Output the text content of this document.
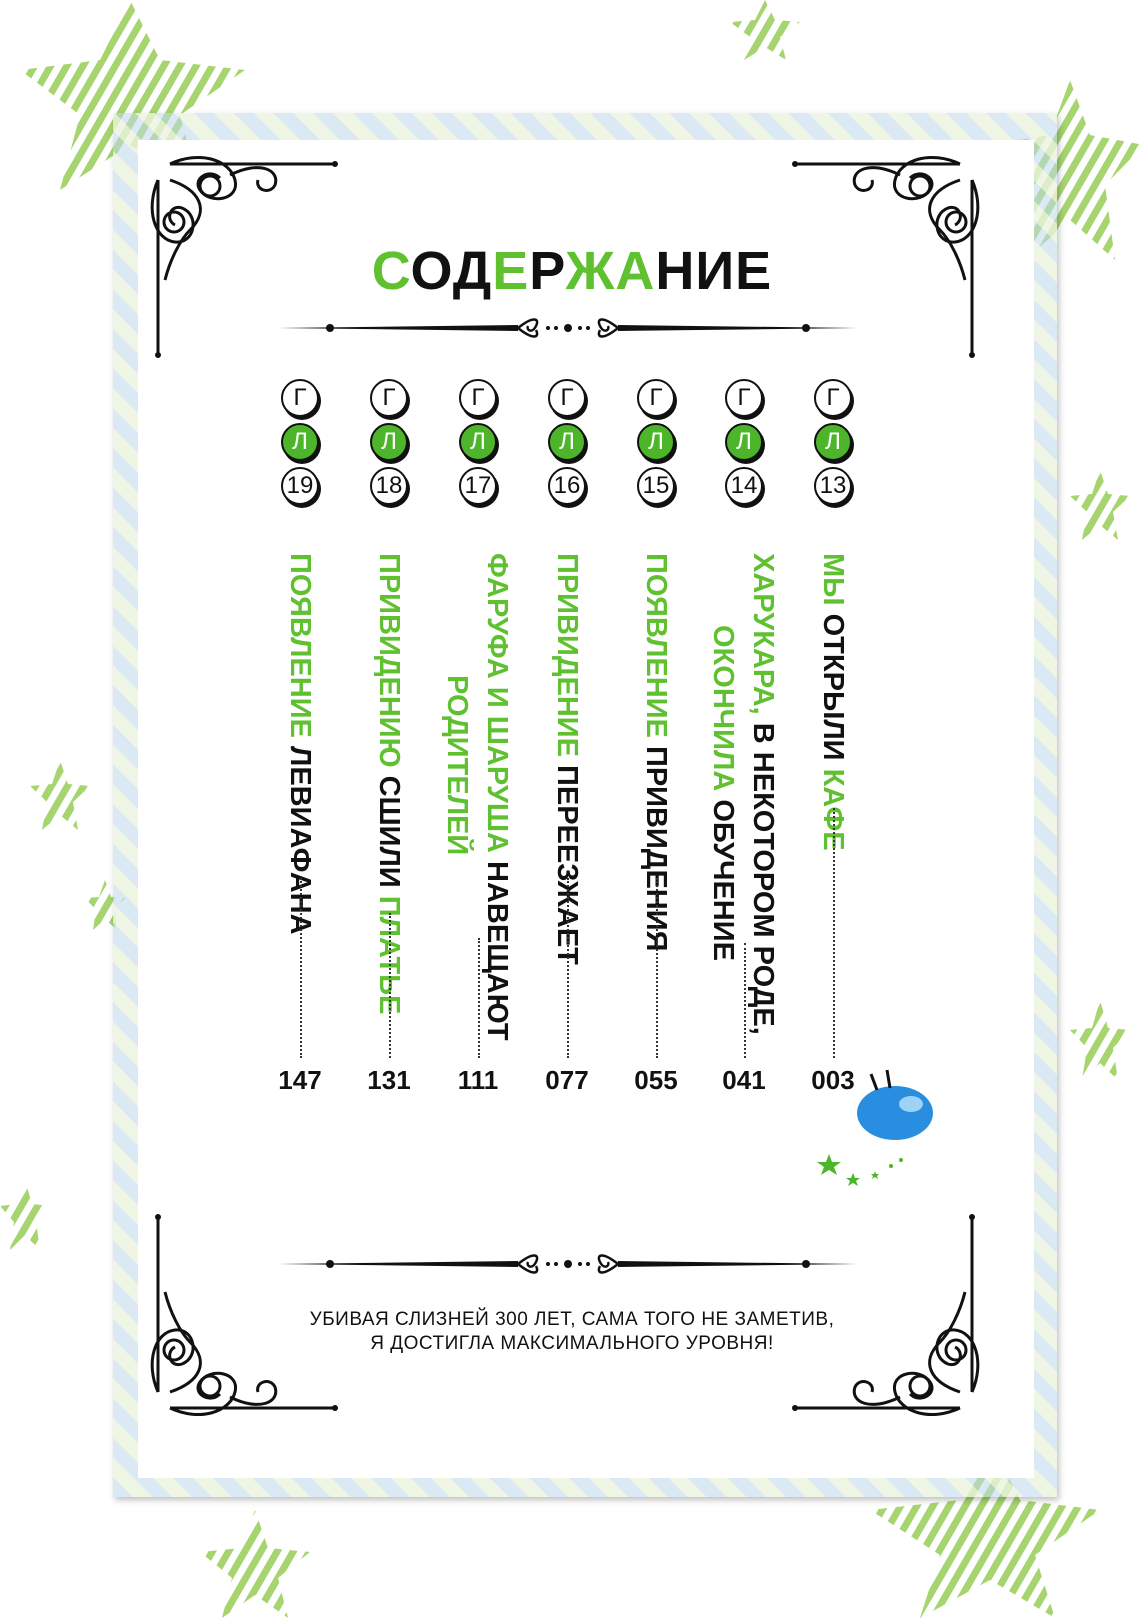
СОДЕРЖАНИЕ
Г
Л
19
ПОЯВЛЕНИЕ ЛЕВИАФАНА
147
Г
Л
18
ПРИВИДЕНИЮ СШИЛИ ПЛАТЬЕ
131
Г
Л
17
ФАРУФА И ШАРУША НАВЕЩАЮТ
РОДИТЕЛЕЙ
111
Г
Л
16
ПРИВИДЕНИЕ ПЕРЕЕЗЖАЕТ
077
Г
Л
15
ПОЯВЛЕНИЕ ПРИВИДЕНИЯ
055
Г
Л
14
ХАРУКАРА, В НЕКОТОРОМ РОДЕ,
ОКОНЧИЛА ОБУЧЕНИЕ
041
Г
Л
13
МЫ ОТКРЫЛИ КАФЕ
003
УБИВАЯ СЛИЗНЕЙ 300 ЛЕТ, САМА ТОГО НЕ ЗАМЕТИВ,
Я ДОСТИГЛА МАКСИМАЛЬНОГО УРОВНЯ!
